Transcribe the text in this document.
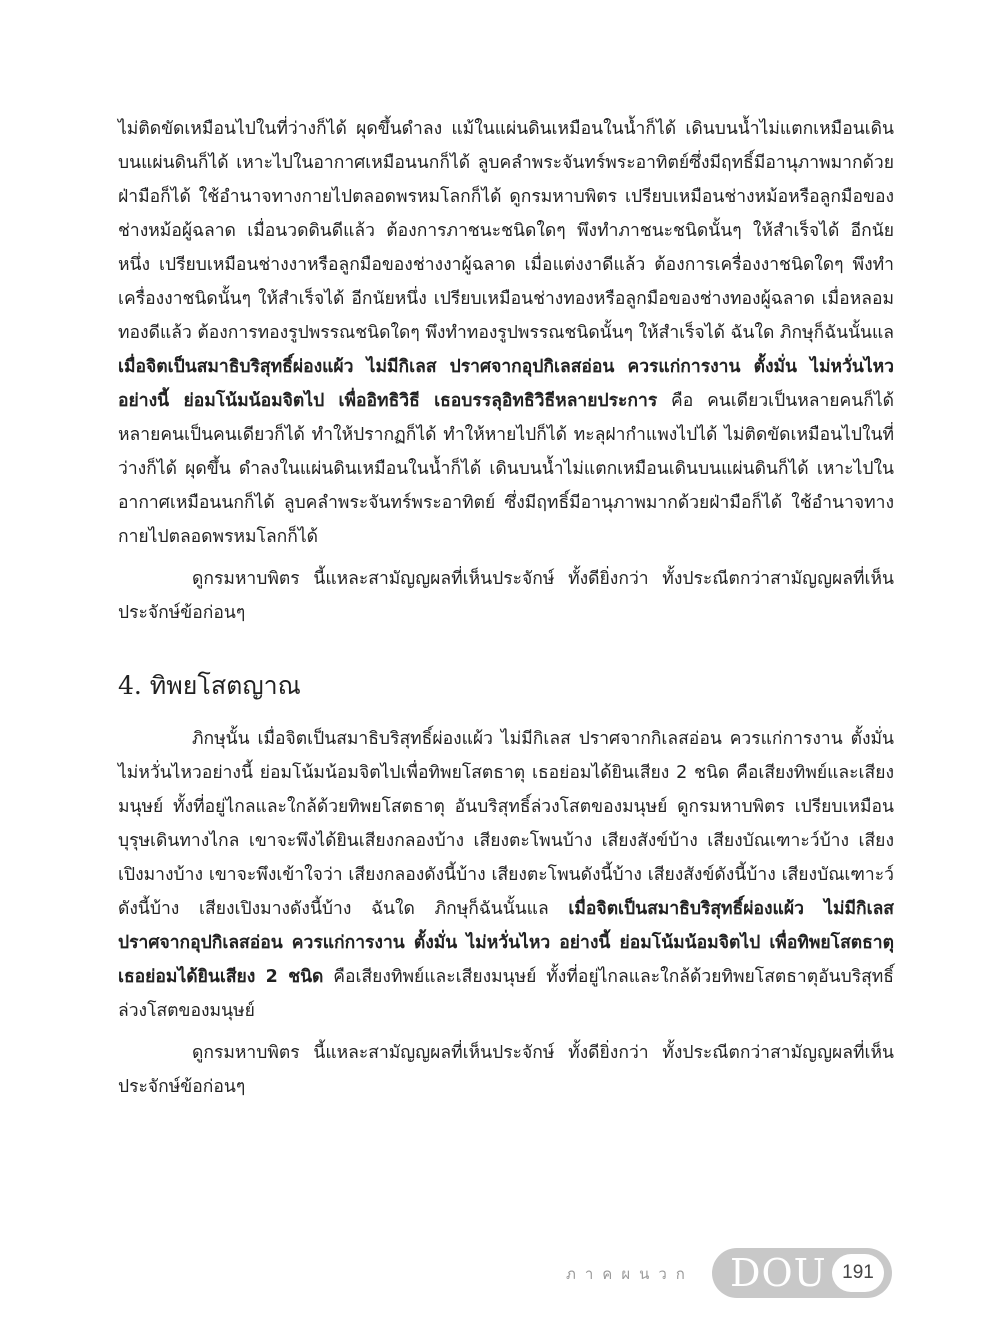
ไม่ติดขัดเหมือนไปในที่ว่างก็ได้ ผุดขึ้นดำลง แม้ในแผ่นดินเหมือนในน้ำก็ได้ เดินบนน้ำไม่แตกเหมือนเดินบนแผ่นดินก็ได้ เหาะไปในอากาศเหมือนนกก็ได้ ลูบคลำพระจันทร์พระอาทิตย์ซึ่งมีฤทธิ์มีอานุภาพมากด้วยฝ่ามือก็ได้ ใช้อำนาจทางกายไปตลอดพรหมโลกก็ได้ ดูกรมหาบพิตร เปรียบเหมือนช่างหม้อหรือลูกมือของช่างหม้อผู้ฉลาด เมื่อนวดดินดีแล้ว ต้องการภาชนะชนิดใดๆ พึงทำภาชนะชนิดนั้นๆ ให้สำเร็จได้ อีกนัยหนึ่ง เปรียบเหมือนช่างงาหรือลูกมือของช่างงาผู้ฉลาด เมื่อแต่งงาดีแล้ว ต้องการเครื่องงาชนิดใดๆ พึงทำเครื่องงาชนิดนั้นๆ ให้สำเร็จได้ อีกนัยหนึ่ง เปรียบเหมือนช่างทองหรือลูกมือของช่างทองผู้ฉลาด เมื่อหลอมทองดีแล้ว ต้องการทองรูปพรรณชนิดใดๆ พึงทำทองรูปพรรณชนิดนั้นๆ ให้สำเร็จได้ ฉันใด ภิกษุก็ฉันนั้นแล เมื่อจิตเป็นสมาธิบริสุทธิ์ผ่องแผ้ว ไม่มีกิเลส ปราศจากอุปกิเลสอ่อน ควรแก่การงาน ตั้งมั่น ไม่หวั่นไหว อย่างนี้ ย่อมโน้มน้อมจิตไป เพื่ออิทธิวิธี เธอบรรลุอิทธิวิธีหลายประการ คือ คนเดียวเป็นหลายคนก็ได้ หลายคนเป็นคนเดียวก็ได้ ทำให้ปรากฏก็ได้ ทำให้หายไปก็ได้ ทะลุฝากำแพงไปได้ ไม่ติดขัดเหมือนไปในที่ว่างก็ได้ ผุดขึ้น ดำลงในแผ่นดินเหมือนในน้ำก็ได้ เดินบนน้ำไม่แตกเหมือนเดินบนแผ่นดินก็ได้ เหาะไปในอากาศเหมือนนกก็ได้ ลูบคลำพระจันทร์พระอาทิตย์ ซึ่งมีฤทธิ์มีอานุภาพมากด้วยฝ่ามือก็ได้ ใช้อำนาจทางกายไปตลอดพรหมโลกก็ได้

ดูกรมหาบพิตร นี้แหละสามัญญผลที่เห็นประจักษ์ ทั้งดียิ่งกว่า ทั้งประณีตกว่าสามัญญผลที่เห็นประจักษ์ข้อก่อนๆ

4. ทิพยโสตญาณ

ภิกษุนั้น เมื่อจิตเป็นสมาธิบริสุทธิ์ผ่องแผ้ว ไม่มีกิเลส ปราศจากกิเลสอ่อน ควรแก่การงาน ตั้งมั่น ไม่หวั่นไหวอย่างนี้ ย่อมโน้มน้อมจิตไปเพื่อทิพยโสตธาตุ เธอย่อมได้ยินเสียง 2 ชนิด คือเสียงทิพย์และเสียงมนุษย์ ทั้งที่อยู่ไกลและใกล้ด้วยทิพยโสตธาตุ อันบริสุทธิ์ล่วงโสตของมนุษย์ ดูกรมหาบพิตร เปรียบเหมือนบุรุษเดินทางไกล เขาจะพึงได้ยินเสียงกลองบ้าง เสียงตะโพนบ้าง เสียงสังข์บ้าง เสียงบัณเฑาะว์บ้าง เสียงเปิงมางบ้าง เขาจะพึงเข้าใจว่า เสียงกลองดังนี้บ้าง เสียงตะโพนดังนี้บ้าง เสียงสังข์ดังนี้บ้าง เสียงบัณเฑาะว์ดังนี้บ้าง เสียงเปิงมางดังนี้บ้าง ฉันใด ภิกษุก็ฉันนั้นแล เมื่อจิตเป็นสมาธิบริสุทธิ์ผ่องแผ้ว ไม่มีกิเลส ปราศจากอุปกิเลสอ่อน ควรแก่การงาน ตั้งมั่น ไม่หวั่นไหว อย่างนี้ ย่อมโน้มน้อมจิตไป เพื่อทิพยโสตธาตุ เธอย่อมได้ยินเสียง 2 ชนิด คือเสียงทิพย์และเสียงมนุษย์ ทั้งที่อยู่ไกลและใกล้ด้วยทิพยโสตธาตุอันบริสุทธิ์ล่วงโสตของมนุษย์

ดูกรมหาบพิตร นี้แหละสามัญญผลที่เห็นประจักษ์ ทั้งดียิ่งกว่า ทั้งประณีตกว่าสามัญญผลที่เห็นประจักษ์ข้อก่อนๆ

ภาคผนวก DOU 191
